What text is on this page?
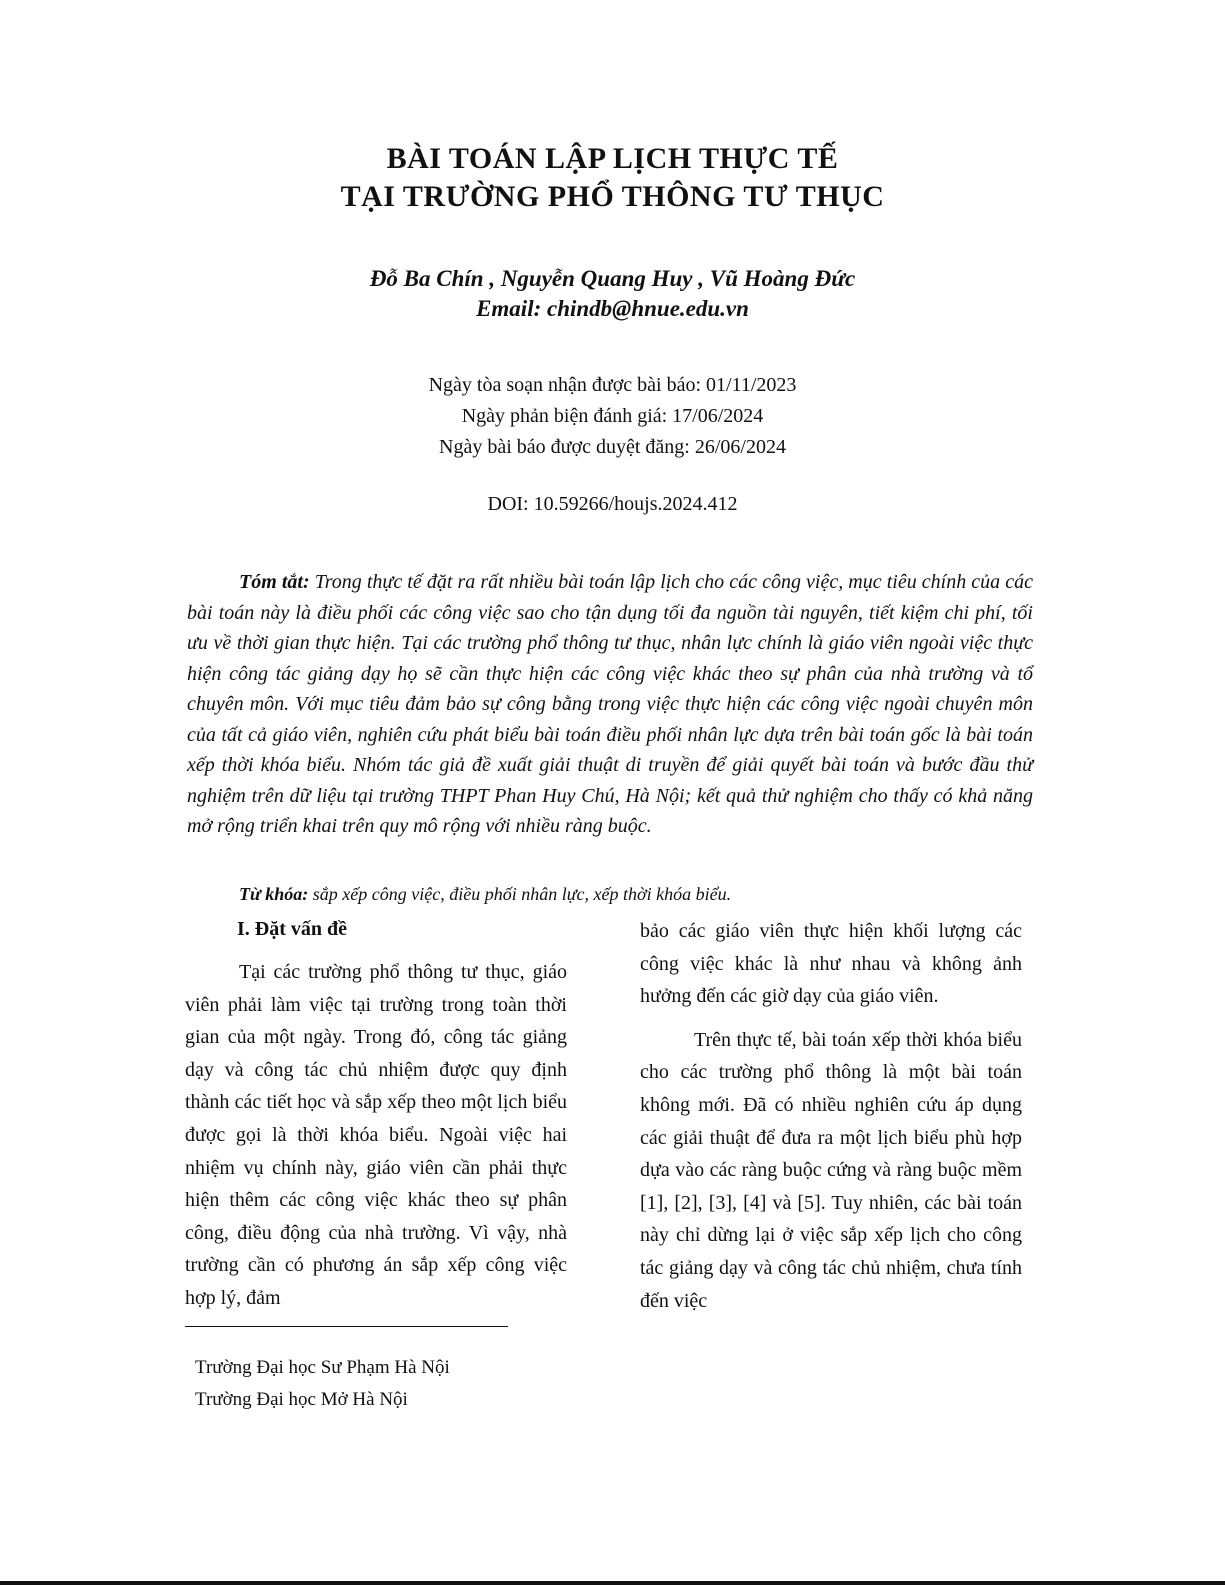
BÀI TOÁN LẬP LỊCH THỰC TẾ
TẠI TRƯỜNG PHỔ THÔNG TƯ THỤC
Đỗ Ba Chín , Nguyễn Quang Huy , Vũ Hoàng Đức
Email: chindb@hnue.edu.vn
Ngày tòa soạn nhận được bài báo: 01/11/2023
Ngày phản biện đánh giá: 17/06/2024
Ngày bài báo được duyệt đăng: 26/06/2024
DOI: 10.59266/houjs.2024.412

Tóm tắt: Trong thực tế đặt ra rất nhiều bài toán lập lịch cho các công việc, mục tiêu chính của các bài toán này là điều phối các công việc sao cho tận dụng tối đa nguồn tài nguyên, tiết kiệm chi phí, tối ưu về thời gian thực hiện. Tại các trường phổ thông tư thục, nhân lực chính là giáo viên ngoài việc thực hiện công tác giảng dạy họ sẽ cần thực hiện các công việc khác theo sự phân của nhà trường và tổ chuyên môn. Với mục tiêu đảm bảo sự công bằng trong việc thực hiện các công việc ngoài chuyên môn của tất cả giáo viên, nghiên cứu phát biểu bài toán điều phối nhân lực dựa trên bài toán gốc là bài toán xếp thời khóa biểu. Nhóm tác giả đề xuất giải thuật di truyền để giải quyết bài toán và bước đầu thử nghiệm trên dữ liệu tại trường THPT Phan Huy Chú, Hà Nội; kết quả thử nghiệm cho thấy có khả năng mở rộng triển khai trên quy mô rộng với nhiều ràng buộc.

Từ khóa: sắp xếp công việc, điều phối nhân lực, xếp thời khóa biểu.

I. Đặt vấn đề

Tại các trường phổ thông tư thục, giáo viên phải làm việc tại trường trong toàn thời gian của một ngày. Trong đó, công tác giảng dạy và công tác chủ nhiệm được quy định thành các tiết học và sắp xếp theo một lịch biểu được gọi là thời khóa biểu. Ngoài việc hai nhiệm vụ chính này, giáo viên cần phải thực hiện thêm các công việc khác theo sự phân công, điều động của nhà trường. Vì vậy, nhà trường cần có phương án sắp xếp công việc hợp lý, đảm

bảo các giáo viên thực hiện khối lượng các công việc khác là như nhau và không ảnh hưởng đến các giờ dạy của giáo viên.

Trên thực tế, bài toán xếp thời khóa biểu cho các trường phổ thông là một bài toán không mới. Đã có nhiều nghiên cứu áp dụng các giải thuật để đưa ra một lịch biểu phù hợp dựa vào các ràng buộc cứng và ràng buộc mềm [1], [2], [3], [4] và [5]. Tuy nhiên, các bài toán này chỉ dừng lại ở việc sắp xếp lịch cho công tác giảng dạy và công tác chủ nhiệm, chưa tính đến việc

Trường Đại học Sư Phạm Hà Nội
Trường Đại học Mở Hà Nội
